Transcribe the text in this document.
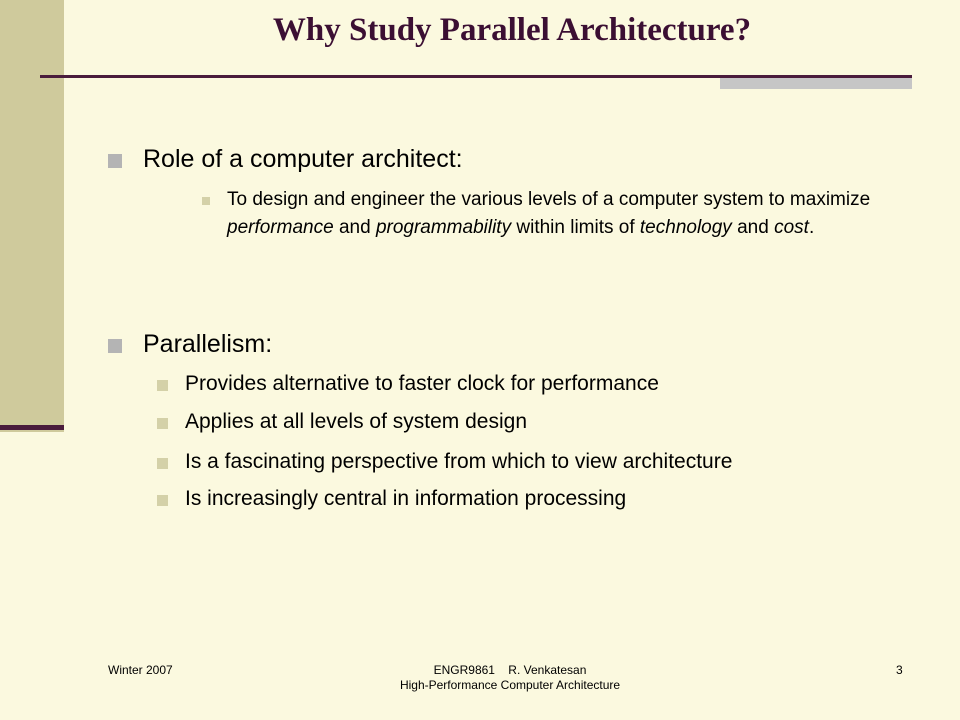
Why Study Parallel Architecture?
Role of a computer architect:
To design and engineer the various levels of a computer system to maximize performance and programmability within limits of technology and cost.
Parallelism:
Provides alternative to faster clock for performance
Applies at all levels of system design
Is a fascinating perspective from which to view architecture
Is increasingly central in information processing
Winter 2007	ENGR9861    R. Venkatesan
High-Performance Computer Architecture
3
